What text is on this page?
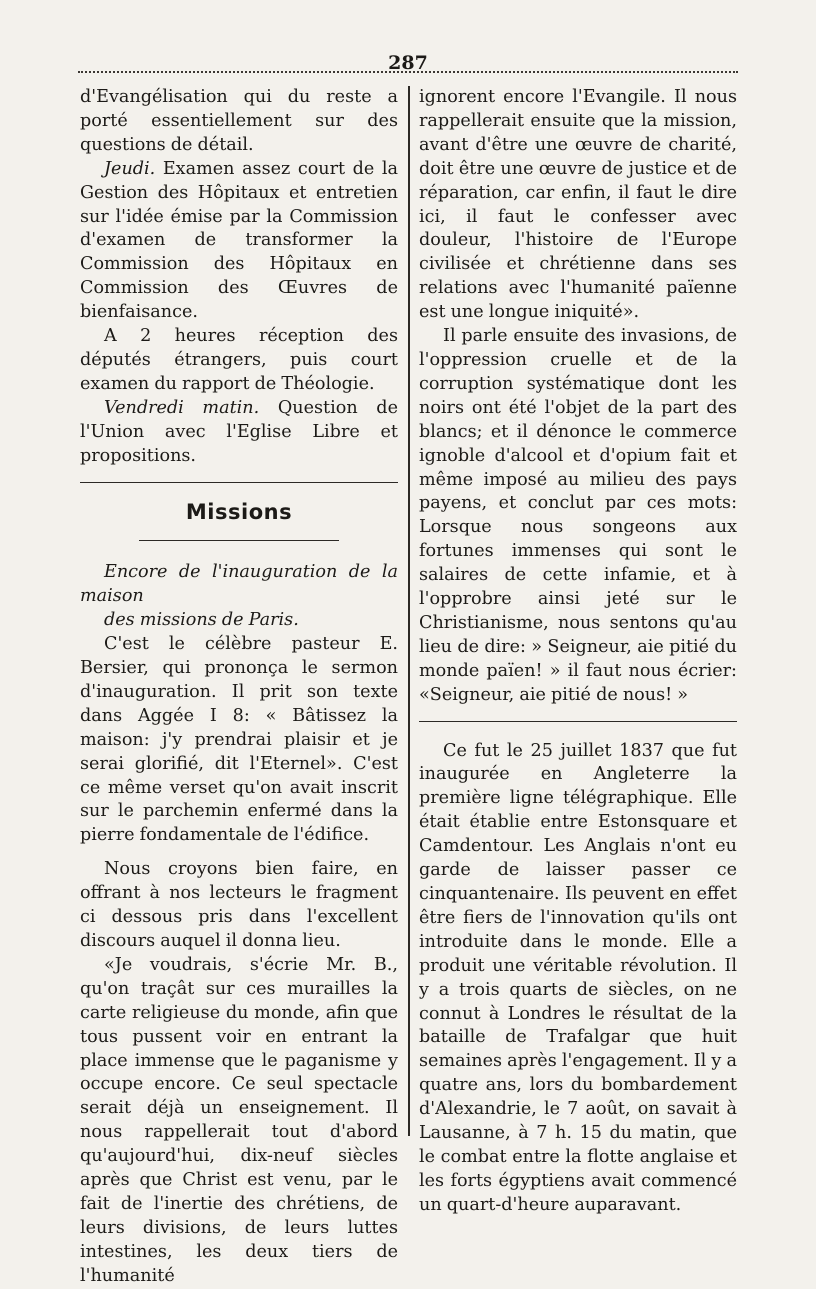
287

d'Evangélisation qui du reste a porté essentiellement sur des questions de détail.

Jeudi. Examen assez court de la Gestion des Hôpitaux et entretien sur l'idée émise par la Commission d'examen de transformer la Commission des Hôpitaux en Commission des Œuvres de bienfaisance.

A 2 heures réception des députés étrangers, puis court examen du rapport de Théologie.

Vendredi matin. Question de l'Union avec l'Eglise Libre et propositions.

Missions

Encore de l'inauguration de la maison

des missions de Paris.

C'est le célèbre pasteur E. Bersier, qui prononça le sermon d'inauguration. Il prit son texte dans Aggée I 8: « Bâtissez la maison: j'y prendrai plaisir et je serai glorifié, dit l'Eternel». C'est ce même verset qu'on avait inscrit sur le parchemin enfermé dans la pierre fondamentale de l'édifice.

Nous croyons bien faire, en offrant à nos lecteurs le fragment ci dessous pris dans l'excellent discours auquel il donna lieu.

«Je voudrais, s'écrie Mr. B., qu'on traçât sur ces murailles la carte religieuse du monde, afin que tous pussent voir en entrant la place immense que le paganisme y occupe encore. Ce seul spectacle serait déjà un enseignement. Il nous rappellerait tout d'abord qu'aujourd'hui, dix-neuf siècles après que Christ est venu, par le fait de l'inertie des chrétiens, de leurs divisions, de leurs luttes intestines, les deux tiers de l'humanité

ignorent encore l'Evangile. Il nous rappellerait ensuite que la mission, avant d'être une œuvre de charité, doit être une œuvre de justice et de réparation, car enfin, il faut le dire ici, il faut le confesser avec douleur, l'histoire de l'Europe civilisée et chrétienne dans ses relations avec l'humanité païenne est une longue iniquité».

Il parle ensuite des invasions, de l'oppression cruelle et de la corruption systématique dont les noirs ont été l'objet de la part des blancs; et il dénonce le commerce ignoble d'alcool et d'opium fait et même imposé au milieu des pays payens, et conclut par ces mots: Lorsque nous songeons aux fortunes immenses qui sont le salaires de cette infamie, et à l'opprobre ainsi jeté sur le Christianisme, nous sentons qu'au lieu de dire: » Seigneur, aie pitié du monde païen! » il faut nous écrier: «Seigneur, aie pitié de nous! »

Ce fut le 25 juillet 1837 que fut inaugurée en Angleterre la première ligne télégraphique. Elle était établie entre Estonsquare et Camdentour. Les Anglais n'ont eu garde de laisser passer ce cinquantenaire. Ils peuvent en effet être fiers de l'innovation qu'ils ont introduite dans le monde. Elle a produit une véritable révolution. Il y a trois quarts de siècles, on ne connut à Londres le résultat de la bataille de Trafalgar que huit semaines après l'engagement. Il y a quatre ans, lors du bombardement d'Alexandrie, le 7 août, on savait à Lausanne, à 7 h. 15 du matin, que le combat entre la flotte anglaise et les forts égyptiens avait commencé un quart-d'heure auparavant.
